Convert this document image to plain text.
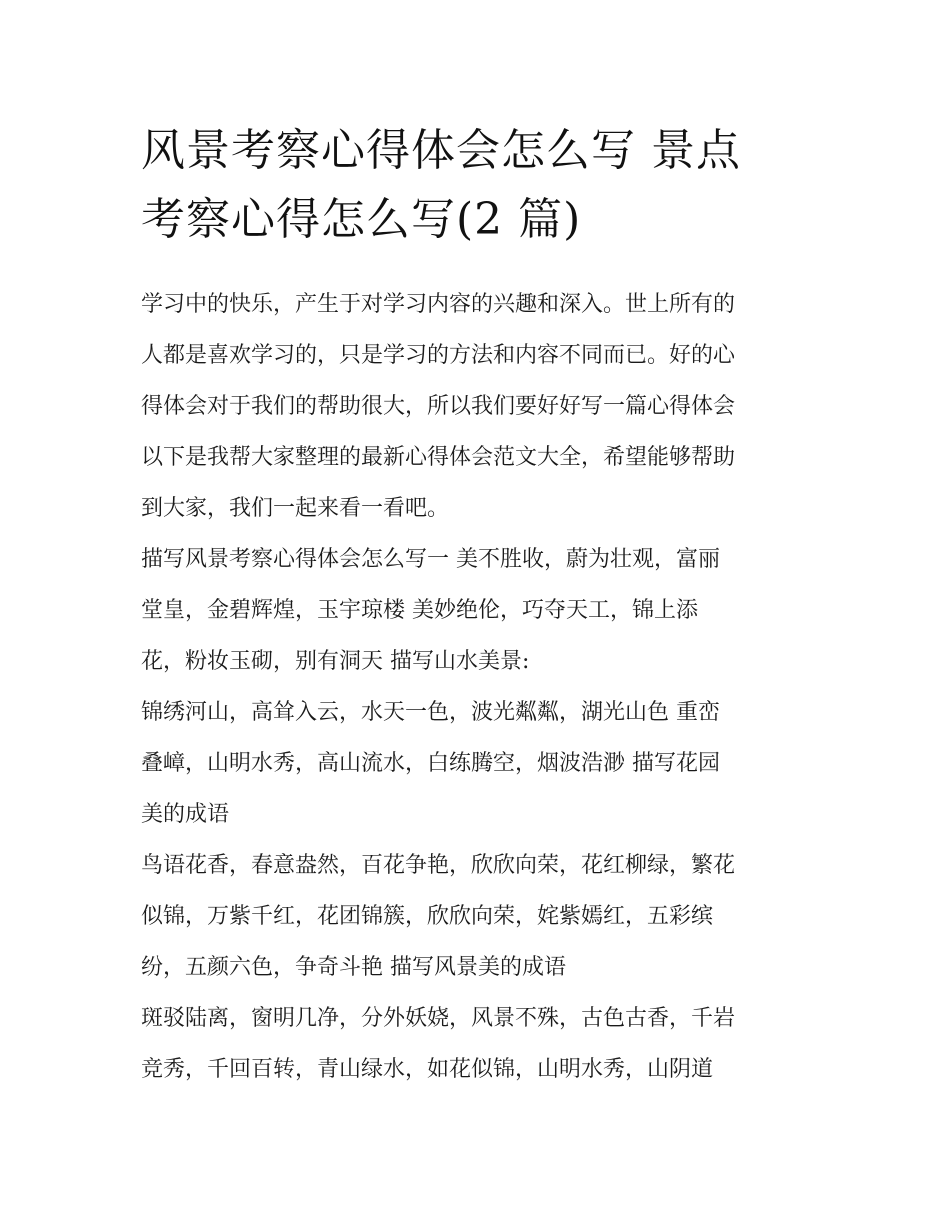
风景考察心得体会怎么写 景点
考察心得怎么写(2 篇)
学习中的快乐，产生于对学习内容的兴趣和深入。世上所有的
人都是喜欢学习的，只是学习的方法和内容不同而已。好的心
得体会对于我们的帮助很大，所以我们要好好写一篇心得体会
以下是我帮大家整理的最新心得体会范文大全，希望能够帮助
到大家，我们一起来看一看吧。
描写风景考察心得体会怎么写一 美不胜收，蔚为壮观，富丽
堂皇，金碧辉煌，玉宇琼楼 美妙绝伦，巧夺天工，锦上添
花，粉妆玉砌，别有洞天 描写山水美景:
锦绣河山，高耸入云，水天一色，波光粼粼，湖光山色 重峦
叠嶂，山明水秀，高山流水，白练腾空，烟波浩渺 描写花园
美的成语
鸟语花香，春意盎然，百花争艳，欣欣向荣，花红柳绿，繁花
似锦，万紫千红，花团锦簇，欣欣向荣，姹紫嫣红，五彩缤
纷，五颜六色，争奇斗艳 描写风景美的成语
斑驳陆离，窗明几净，分外妖娆，风景不殊，古色古香，千岩
竞秀，千回百转，青山绿水，如花似锦，山明水秀，山阴道
